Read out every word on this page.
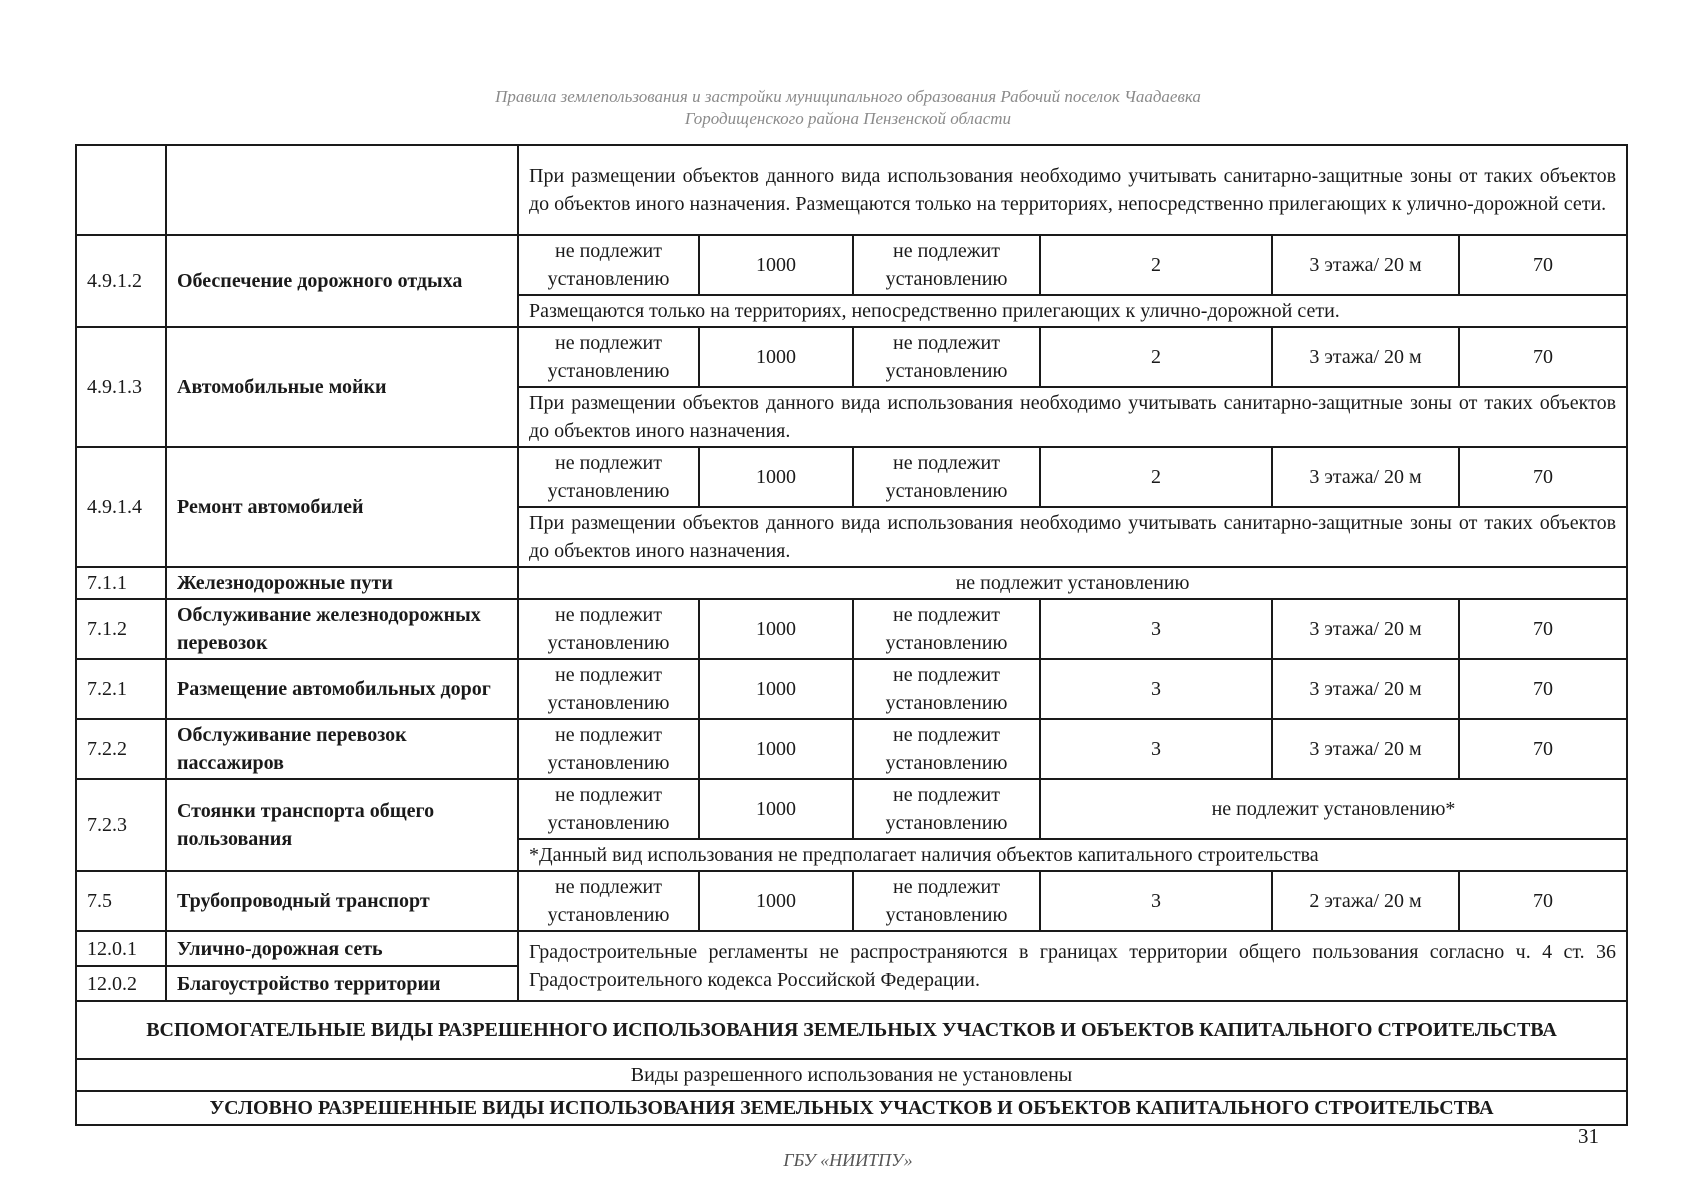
Правила землепользования и застройки муниципального образования Рабочий поселок Чаадаевка
Городищенского района Пензенской области
		При размещении объектов данного вида использования необходимо учитывать санитарно-защитные зоны от таких объектов до объектов иного назначения. Размещаются только на территориях, непосредственно прилегающих к улично-дорожной сети.					
4.9.1.2	Обеспечение дорожного отдыха	не подлежит установлению	1000	не подлежит установлению	2	3 этажа/ 20 м	70
		Размещаются только на территориях, непосредственно прилегающих к улично-дорожной сети.					
4.9.1.3	Автомобильные мойки	не подлежит установлению	1000	не подлежит установлению	2	3 этажа/ 20 м	70
		При размещении объектов данного вида использования необходимо учитывать санитарно-защитные зоны от таких объектов до объектов иного назначения.					
4.9.1.4	Ремонт автомобилей	не подлежит установлению	1000	не подлежит установлению	2	3 этажа/ 20 м	70
		При размещении объектов данного вида использования необходимо учитывать санитарно-защитные зоны от таких объектов до объектов иного назначения.					
7.1.1	Железнодорожные пути	не подлежит установлению					
7.1.2	Обслуживание железнодорожных перевозок	не подлежит установлению	1000	не подлежит установлению	3	3 этажа/ 20 м	70
7.2.1	Размещение автомобильных дорог	не подлежит установлению	1000	не подлежит установлению	3	3 этажа/ 20 м	70
7.2.2	Обслуживание перевозок пассажиров	не подлежит установлению	1000	не подлежит установлению	3	3 этажа/ 20 м	70
7.2.3	Стоянки транспорта общего пользования	не подлежит установлению	1000	не подлежит установлению	не подлежит установлению*		
		*Данный вид использования не предполагает наличия объектов капитального строительства					
7.5	Трубопроводный транспорт	не подлежит установлению	1000	не подлежит установлению	3	2 этажа/ 20 м	70
12.0.1	Улично-дорожная сеть	Градостроительные регламенты не распространяются в границах территории общего пользования согласно ч. 4 ст. 36 Градостроительного кодекса Российской Федерации.					
12.0.2	Благоустройство территории						
ВСПОМОГАТЕЛЬНЫЕ ВИДЫ РАЗРЕШЕННОГО ИСПОЛЬЗОВАНИЯ ЗЕМЕЛЬНЫХ УЧАСТКОВ И ОБЪЕКТОВ КАПИТАЛЬНОГО СТРОИТЕЛЬСТВА							
Виды разрешенного использования не установлены							
УСЛОВНО РАЗРЕШЕННЫЕ ВИДЫ ИСПОЛЬЗОВАНИЯ ЗЕМЕЛЬНЫХ УЧАСТКОВ И ОБЪЕКТОВ КАПИТАЛЬНОГО СТРОИТЕЛЬСТВА							
31
ГБУ «НИИТПУ»
